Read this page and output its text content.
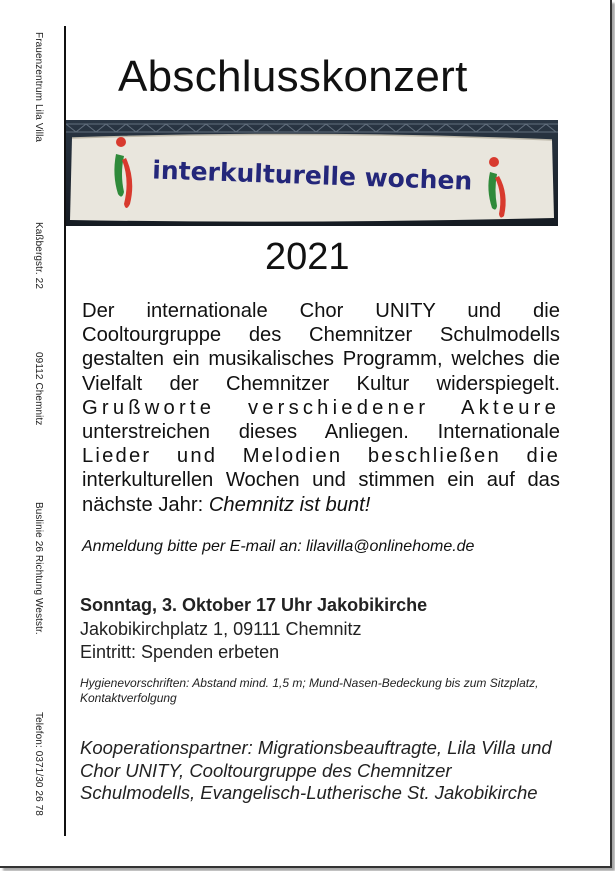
Frauenzentrum Lila Villa
Kaßbergstr. 22
09112 Chemnitz
Buslinie 26 Richtung Weststr.
Telefon: 0371/30 26 78
Abschlusskonzert
interkulturelle wochen
2021
Der internationale Chor UNITY und die Cooltourgruppe des Chemnitzer Schulmodells gestalten ein musikalisches Programm, welches die Vielfalt der Chemnitzer Kultur widerspiegelt. Grußworte verschiedener Akteure unterstreichen dieses Anliegen. Internationale Lieder und Melodien beschließen die interkulturellen Wochen und stimmen ein auf das nächste Jahr: Chemnitz ist bunt!
Anmeldung bitte per E-mail an: lilavilla@onlinehome.de
Sonntag, 3. Oktober 17 Uhr Jakobikirche
Jakobikirchplatz 1, 09111 Chemnitz
Eintritt: Spenden erbeten
Hygienevorschriften: Abstand mind. 1,5 m; Mund-Nasen-Bedeckung bis zum Sitzplatz, Kontaktverfolgung
Kooperationspartner: Migrationsbeauftragte, Lila Villa und Chor UNITY, Cooltourgruppe des Chemnitzer Schulmodells, Evangelisch-Lutherische St. Jakobikirche
